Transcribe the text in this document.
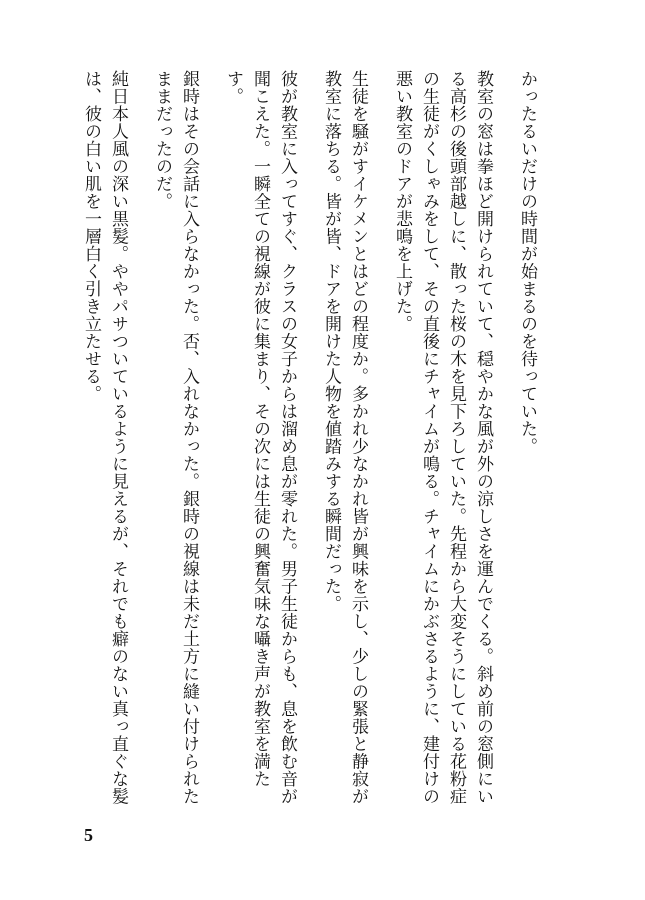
かったるいだけの時間が始まるのを待っていた。

教室の窓は拳ほど開けられていて、穏やかな風が外の涼しさを運んでくる。斜め前の窓側にいる高杉の後頭部越しに、散った桜の木を見下ろしていた。先程から大変そうにしている花粉症の生徒がくしゃみをして、その直後にチャイムが鳴る。チャイムにかぶさるように、建付けの悪い教室のドアが悲鳴を上げた。

生徒を騒がすイケメンとはどの程度か。多かれ少なかれ皆が興味を示し、少しの緊張と静寂が教室に落ちる。皆が皆、ドアを開けた人物を値踏みする瞬間だった。

彼が教室に入ってすぐ、クラスの女子からは溜め息が零れた。男子生徒からも、息を飲む音が聞こえた。一瞬全ての視線が彼に集まり、その次には生徒の興奮気味な囁き声が教室を満たす。

銀時はその会話に入らなかった。否、入れなかった。銀時の視線は未だ土方に縫い付けられたままだったのだ。

純日本人風の深い黒髪。ややパサついているように見えるが、それでも癖のない真っ直ぐな髪は、彼の白い肌を一層白く引き立たせる。

5
